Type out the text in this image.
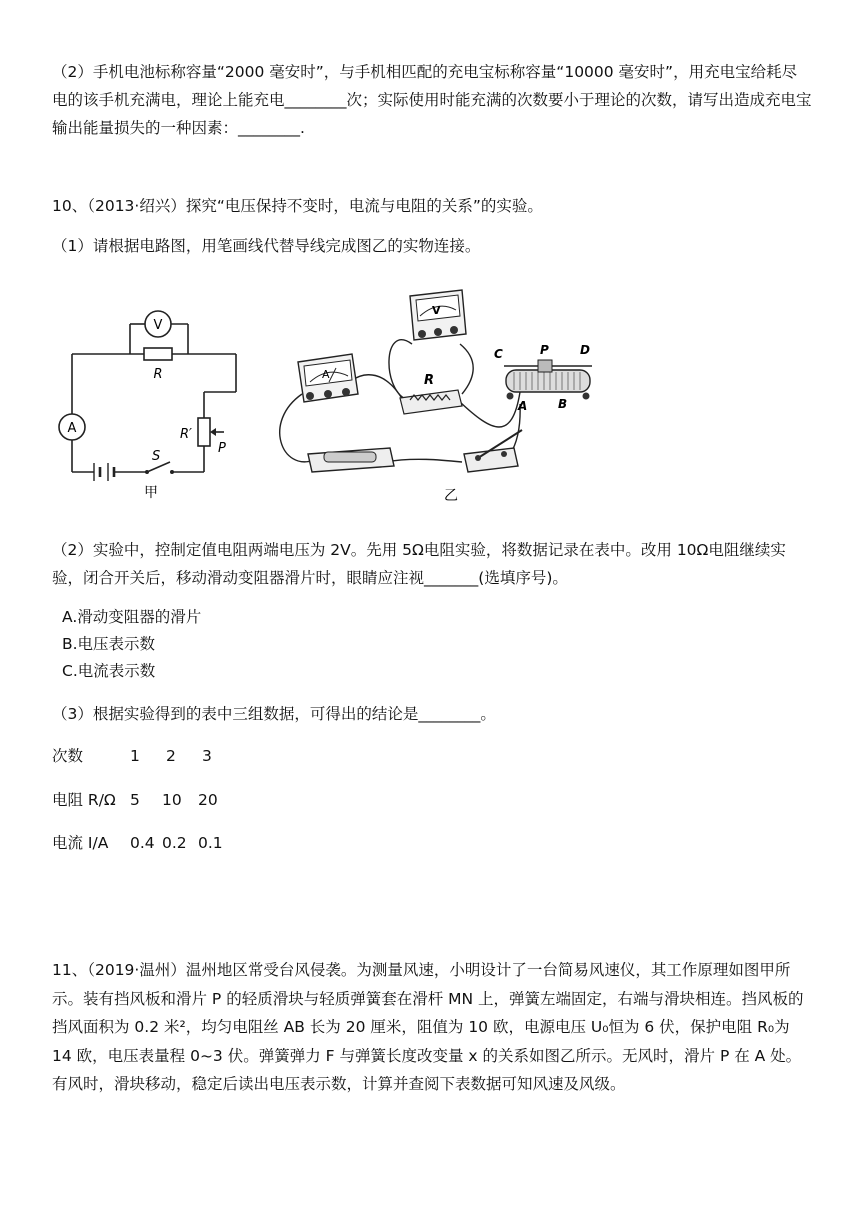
（2）手机电池标称容量“2000 毫安时”，与手机相匹配的充电宝标称容量“10000 毫安时”，用充电宝给耗尽电的该手机充满电，理论上能充电________次；实际使用时能充满的次数要小于理论的次数，请写出造成充电宝输出能量损失的一种因素：________.

10、（2013·绍兴）探究“电压保持不变时，电流与电阻的关系”的实验。

（1）请根据电路图，用笔画线代替导线完成图乙的实物连接。

V
A
R
R′
P
S
甲
A
V
R
C	P	D
A	B
乙

（2）实验中，控制定值电阻两端电压为 2V。先用 5Ω电阻实验，将数据记录在表中。改用 10Ω电阻继续实验，闭合开关后，移动滑动变阻器滑片时，眼睛应注视_______(选填序号)。

A.滑动变阻器的滑片
B.电压表示数
C.电流表示数

（3）根据实验得到的表中三组数据，可得出的结论是________。

次数	1 2 3
电阻 R/Ω 5 10 20
电流 I/A 0.4 0.2 0.1

11、（2019·温州）温州地区常受台风侵袭。为测量风速，小明设计了一台简易风速仪，其工作原理如图甲所示。装有挡风板和滑片 P 的轻质滑块与轻质弹簧套在滑杆 MN 上，弹簧左端固定，右端与滑块相连。挡风板的挡风面积为 0.2 米²，均匀电阻丝 AB 长为 20 厘米，阻值为 10 欧，电源电压 U₀恒为 6 伏，保护电阻 R₀为 14 欧，电压表量程 0~3 伏。弹簧弹力 F 与弹簧长度改变量 x 的关系如图乙所示。无风时，滑片 P 在 A 处。有风时，滑块移动，稳定后读出电压表示数，计算并查阅下表数据可知风速及风级。
